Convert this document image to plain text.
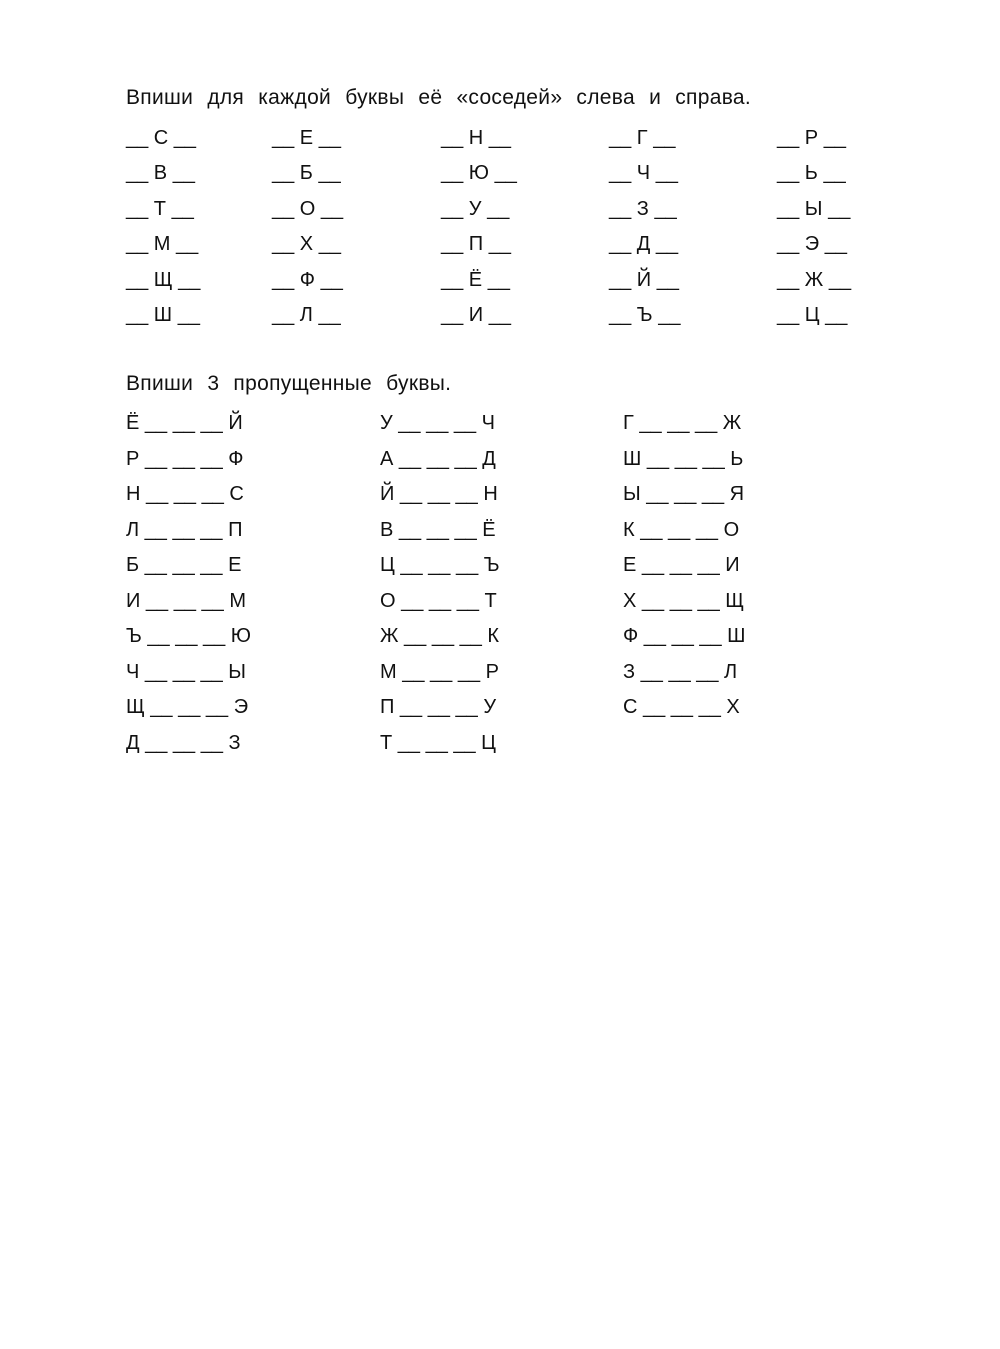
Впиши для каждой буквы её «соседей» слева и справа.
__ С __	__ Е __	__ Н __	__ Г __	__ Р __
__ В __	__ Б __	__ Ю __	__ Ч __	__ Ь __
__ Т __	__ О __	__ У __	__ З __	__ Ы __
__ М __	__ Х __	__ П __	__ Д __	__ Э __
__ Щ __	__ Ф __	__ Ё __	__ Й __	__ Ж __
__ Ш __	__ Л __	__ И __	__ Ъ __	__ Ц __
Впиши 3 пропущенные буквы.
Ё __ __ __ Й	У __ __ __ Ч	Г __ __ __ Ж
Р __ __ __ Ф	А __ __ __ Д	Ш __ __ __ Ь
Н __ __ __ С	Й __ __ __ Н	Ы __ __ __ Я
Л __ __ __ П	В __ __ __ Ё	К __ __ __ О
Б __ __ __ Е	Ц __ __ __ Ъ	Е __ __ __ И
И __ __ __ М	О __ __ __ Т	Х __ __ __ Щ
Ъ __ __ __ Ю	Ж __ __ __ К	Ф __ __ __ Ш
Ч __ __ __ Ы	М __ __ __ Р	З __ __ __ Л
Щ __ __ __ Э	П __ __ __ У	С __ __ __ Х
Д __ __ __ З	Т __ __ __ Ц
